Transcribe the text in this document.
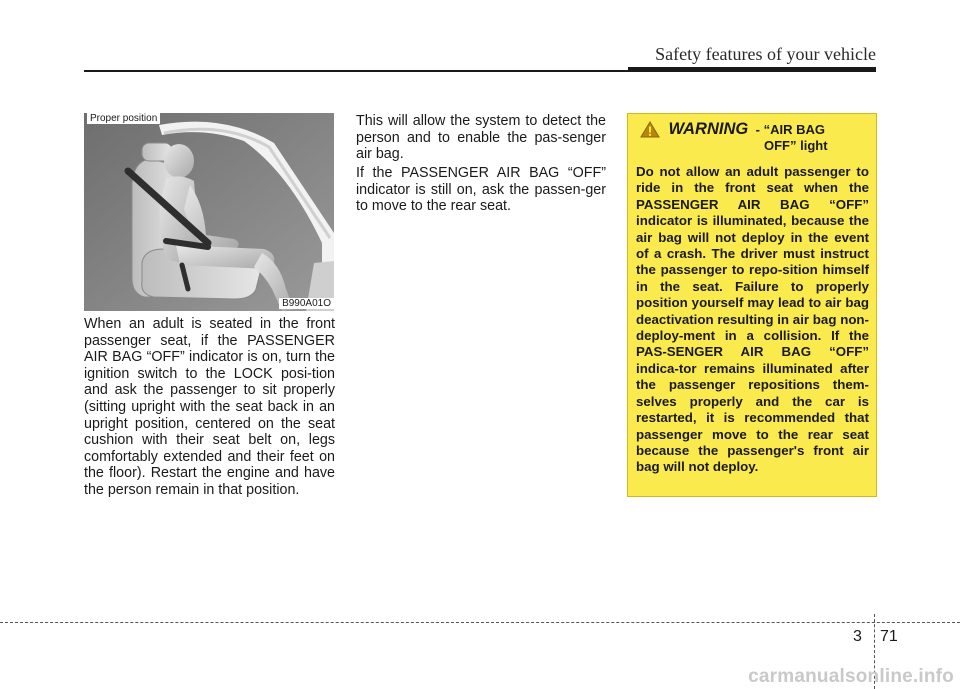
Safety features of your vehicle
Proper position
B990A01O

When an adult is seated in the front passenger seat, if the PASSENGER AIR BAG “OFF” indicator is on, turn the ignition switch to the LOCK posi-tion and ask the passenger to sit properly (sitting upright with the seat back in an upright position, centered on the seat cushion with their seat belt on, legs comfortably extended and their feet on the floor). Restart the engine and have the person remain in that position.

This will allow the system to detect the person and to enable the pas-senger air bag.

If the PASSENGER AIR BAG “OFF” indicator is still on, ask the passen-ger to move to the rear seat.

WARNING - “AIR BAG
OFF” light

Do not allow an adult passenger to ride in the front seat when the PASSENGER AIR BAG “OFF” indicator is illuminated, because the air bag will not deploy in the event of a crash. The driver must instruct the passenger to repo-sition himself in the seat. Failure to properly position yourself may lead to air bag deactivation resulting in air bag non-deploy-ment in a collision. If the PAS-SENGER AIR BAG “OFF” indica-tor remains illuminated after the passenger repositions them-selves properly and the car is restarted, it is recommended that passenger move to the rear seat because the passenger's front air bag will not deploy.

3 71
carmanualsonline.info
